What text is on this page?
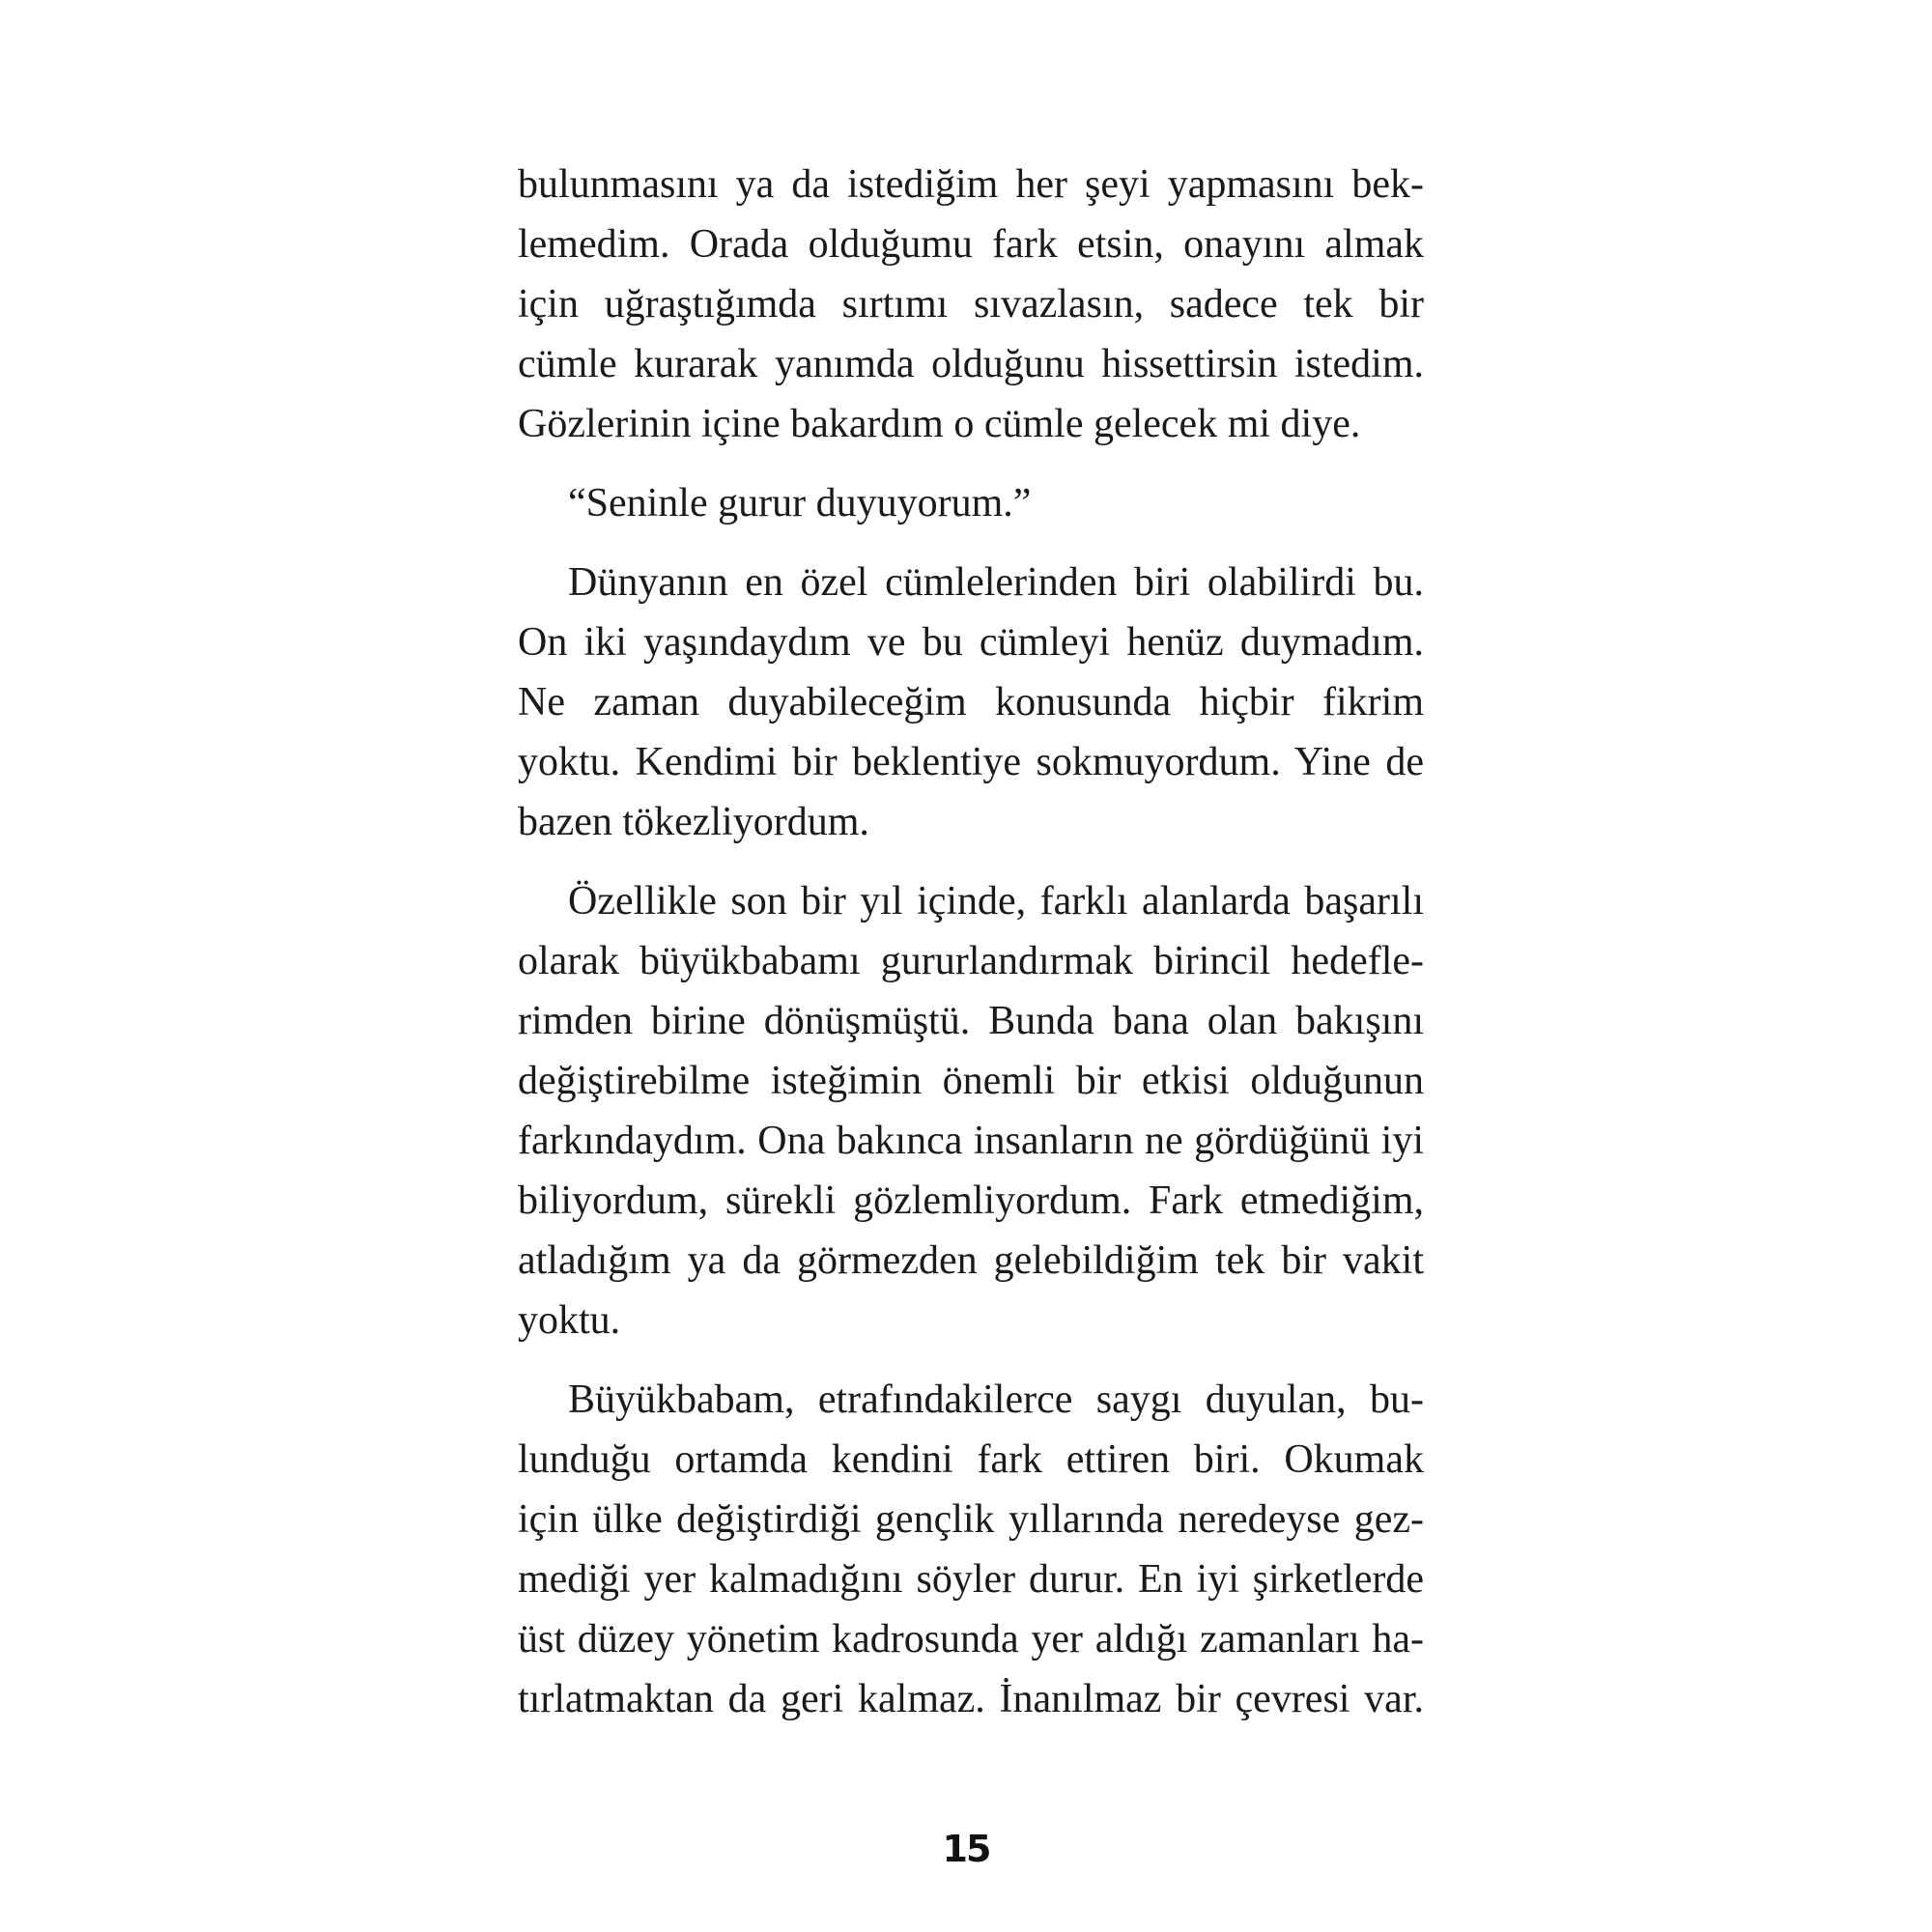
bulunmasını ya da istediğim her şeyi yapmasını bek-
lemedim. Orada olduğumu fark etsin, onayını almak
için uğraştığımda sırtımı sıvazlasın, sadece tek bir
cümle kurarak yanımda olduğunu hissettirsin istedim.
Gözlerinin içine bakardım o cümle gelecek mi diye.
“Seninle gurur duyuyorum.”
Dünyanın en özel cümlelerinden biri olabilirdi bu.
On iki yaşındaydım ve bu cümleyi henüz duymadım.
Ne zaman duyabileceğim konusunda hiçbir fikrim
yoktu. Kendimi bir beklentiye sokmuyordum. Yine de
bazen tökezliyordum.
Özellikle son bir yıl içinde, farklı alanlarda başarılı
olarak büyükbabamı gururlandırmak birincil hedefle-
rimden birine dönüşmüştü. Bunda bana olan bakışını
değiştirebilme isteğimin önemli bir etkisi olduğunun
farkındaydım. Ona bakınca insanların ne gördüğünü iyi
biliyordum, sürekli gözlemliyordum. Fark etmediğim,
atladığım ya da görmezden gelebildiğim tek bir vakit
yoktu.
Büyükbabam, etrafındakilerce saygı duyulan, bu-
lunduğu ortamda kendini fark ettiren biri. Okumak
için ülke değiştirdiği gençlik yıllarında neredeyse gez-
mediği yer kalmadığını söyler durur. En iyi şirketlerde
üst düzey yönetim kadrosunda yer aldığı zamanları ha-
tırlatmaktan da geri kalmaz. İnanılmaz bir çevresi var.
15
